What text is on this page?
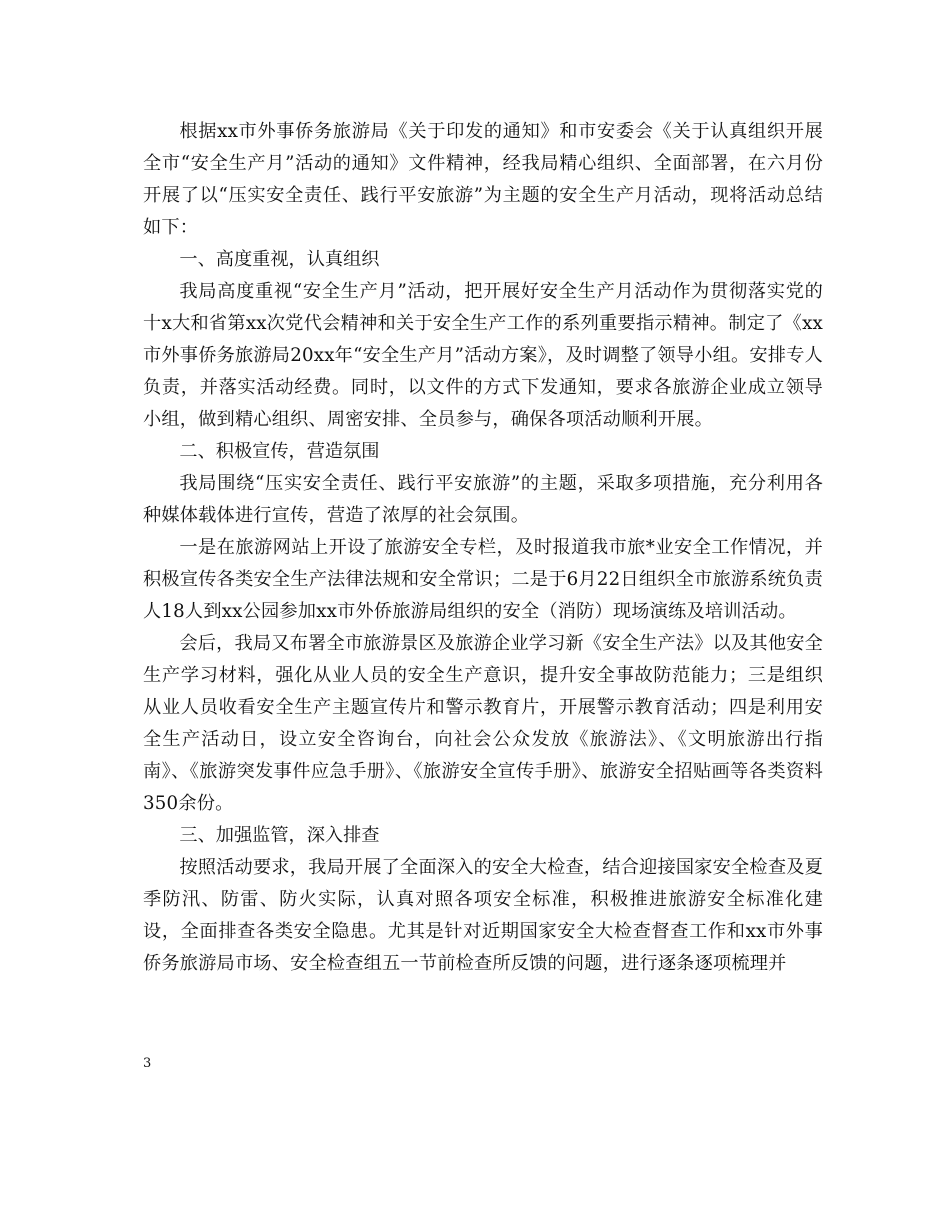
根据xx市外事侨务旅游局《关于印发的通知》和市安委会《关于认真组织开展全市“安全生产月”活动的通知》文件精神，经我局精心组织、全面部署，在六月份开展了以“压实安全责任、践行平安旅游”为主题的安全生产月活动，现将活动总结如下：

一、高度重视，认真组织

我局高度重视“安全生产月”活动，把开展好安全生产月活动作为贯彻落实党的十x大和省第xx次党代会精神和关于安全生产工作的系列重要指示精神。制定了《xx市外事侨务旅游局20xx年“安全生产月”活动方案》，及时调整了领导小组。安排专人负责，并落实活动经费。同时，以文件的方式下发通知，要求各旅游企业成立领导小组，做到精心组织、周密安排、全员参与，确保各项活动顺利开展。

二、积极宣传，营造氛围

我局围绕“压实安全责任、践行平安旅游”的主题，采取多项措施，充分利用各种媒体载体进行宣传，营造了浓厚的社会氛围。

一是在旅游网站上开设了旅游安全专栏，及时报道我市旅*业安全工作情况，并积极宣传各类安全生产法律法规和安全常识；二是于6月22日组织全市旅游系统负责人18人到xx公园参加xx市外侨旅游局组织的安全（消防）现场演练及培训活动。

会后，我局又布署全市旅游景区及旅游企业学习新《安全生产法》以及其他安全生产学习材料，强化从业人员的安全生产意识，提升安全事故防范能力；三是组织从业人员收看安全生产主题宣传片和警示教育片，开展警示教育活动；四是利用安全生产活动日，设立安全咨询台，向社会公众发放《旅游法》、《文明旅游出行指南》、《旅游突发事件应急手册》、《旅游安全宣传手册》、旅游安全招贴画等各类资料350余份。

三、加强监管，深入排查

按照活动要求，我局开展了全面深入的安全大检查，结合迎接国家安全检查及夏季防汛、防雷、防火实际，认真对照各项安全标准，积极推进旅游安全标准化建设，全面排查各类安全隐患。尤其是针对近期国家安全大检查督查工作和xx市外事侨务旅游局市场、安全检查组五一节前检查所反馈的问题，进行逐条逐项梳理并

3
